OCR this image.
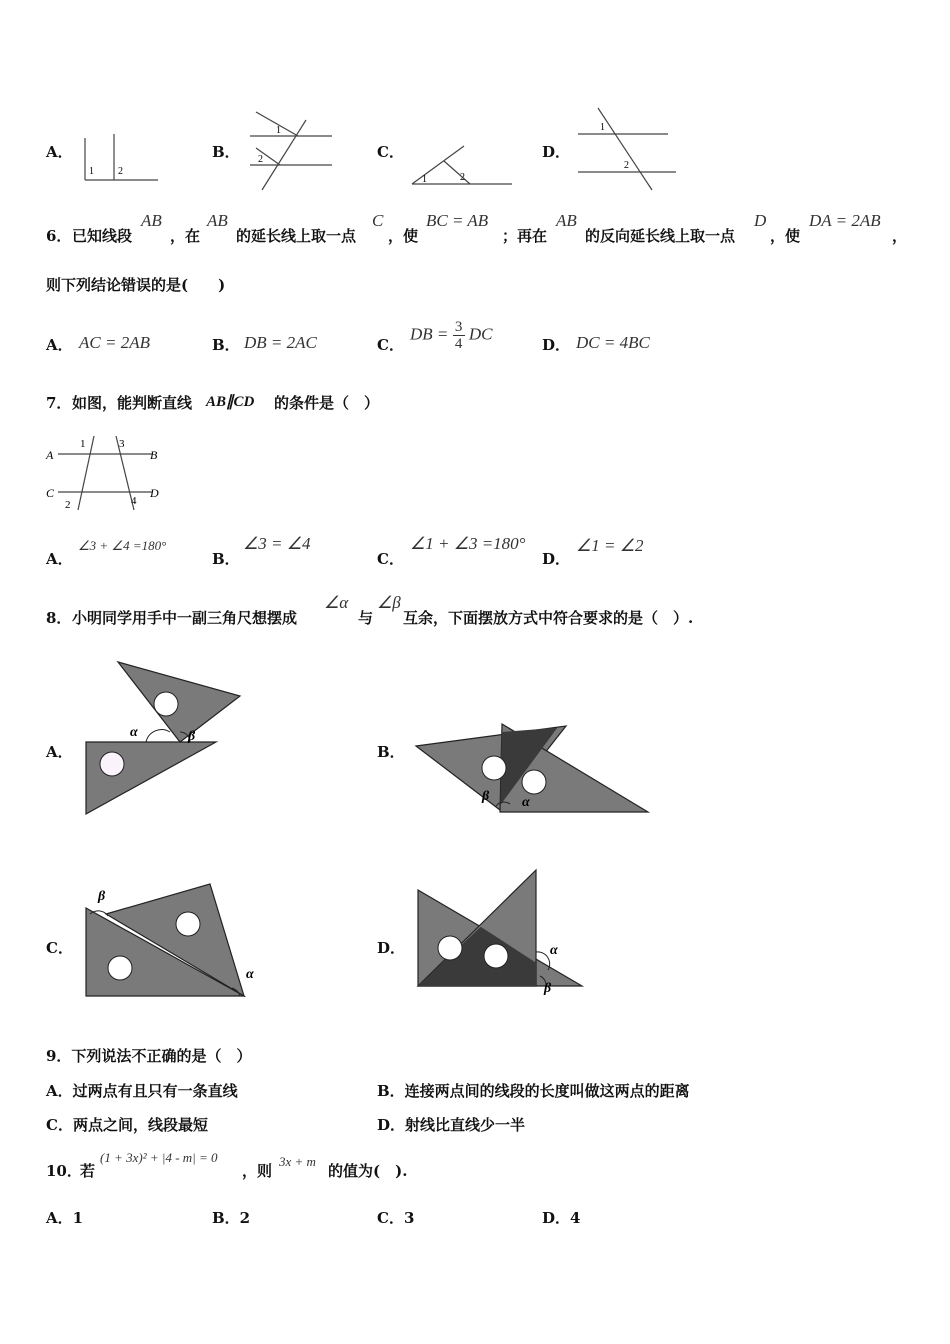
A．
1 2
B．
1
2	C．
1	2
D．
1
2
6． 已知线段
AB
，在
AB
的延长线上取一点
C
，使
BC = AB
；再在
AB
的反向延长线上取一点
D
，使
DA = 2AB
，
则下列结论错误的是(　　)
A． AC = 2AB	B． DB = 2AC	C．
DB = $\frac{3}{4}$ DC
D． DC = 4BC
7． 如图，能判断直线 AB∥CD 的条件是（　）
A	B
C	D
1	3
2	4
A．
∠3 + ∠4 =180°
B．
∠3 = ∠4
C．
∠1 + ∠3 =180°
D．
∠1 = ∠2
8． 小明同学用手中一副三角尺想摆成
∠α
与
∠β
互余，下面摆放方式中符合要求的是（　）.
A．
α	β
B．
β α
C．
β
α
D．	α
β
9．下列说法不正确的是（　）
A．过两点有且只有一条直线	B．连接两点间的线段的长度叫做这两点的距离
C．两点之间，线段最短	D．射线比直线少一半
10．
若
(1 + 3x)² + |4 - m| = 0
，则
3x + m
的值为(　).
A．1	B．2	C．3	D．4
